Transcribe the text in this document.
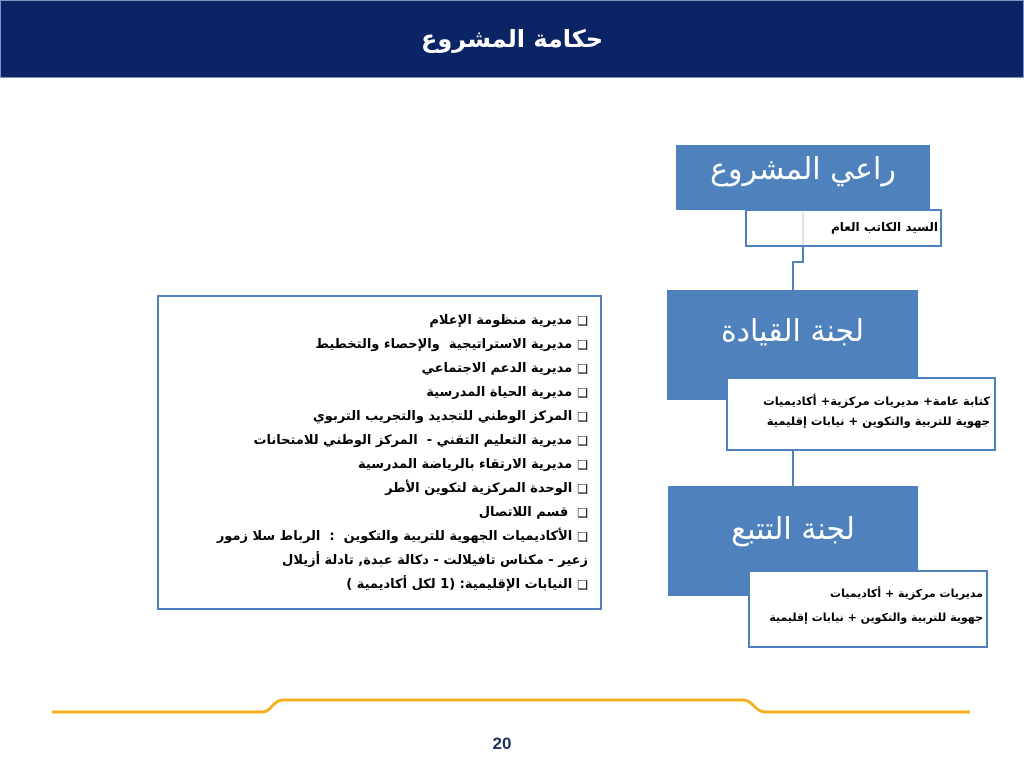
حكامة المشروع
❑
مديرية منظومة الإعلام
❑
مديرية الاستراتيجية  والإحصاء والتخطيط
❑
مديرية الدعم الاجتماعي
❑
مديرية الحياة المدرسية
❑
المركز الوطني للتجديد والتجريب التربوي
❑
مديرية التعليم التقني -  المركز الوطني للامتحانات
❑
مديرية الارتقاء بالرياضة المدرسية
❑
الوحدة المركزية لتكوين الأطر
❑
قسم اللاتصال
❑
الأكاديميات الجهوية للتربية والتكوين  :  الرباط سلا زمور
زعير - مكناس تافيلالت - دكالة عبدة, تادلة أزيلال
❑
النيابات الإقليمية: (1 لكل أكاديمية )
راعي المشروع
السيد الكاتب العام
لجنة القيادة
كتابة عامة+ مديريات مركزية+ أكاديميات
جهوية للتربية والتكوين + نيابات إقليمية
لجنة التتبع
مديريات مركزية + أكاديميات
جهوية للتربية والتكوين + نيابات إقليمية
20
